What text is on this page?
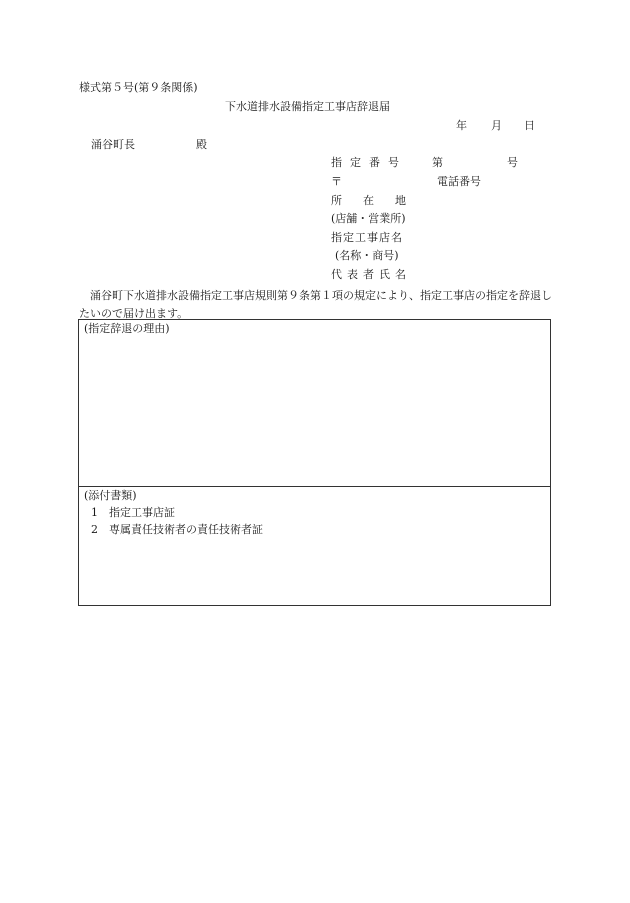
様式第５号(第９条関係)
下水道排水設備指定工事店辞退届
年 月 日
涌谷町長	殿
指定番号 第	号
〒	電話番号
所在地
(店舗・営業所)
指定工事店名
(名称・商号)
代表者氏名
涌谷町下水道排水設備指定工事店規則第９条第１項の規定により、指定工事店の指定を辞退したいので届け出ます。
(指定辞退の理由)
(添付書類)
1 指定工事店証
2 専属責任技術者の責任技術者証
